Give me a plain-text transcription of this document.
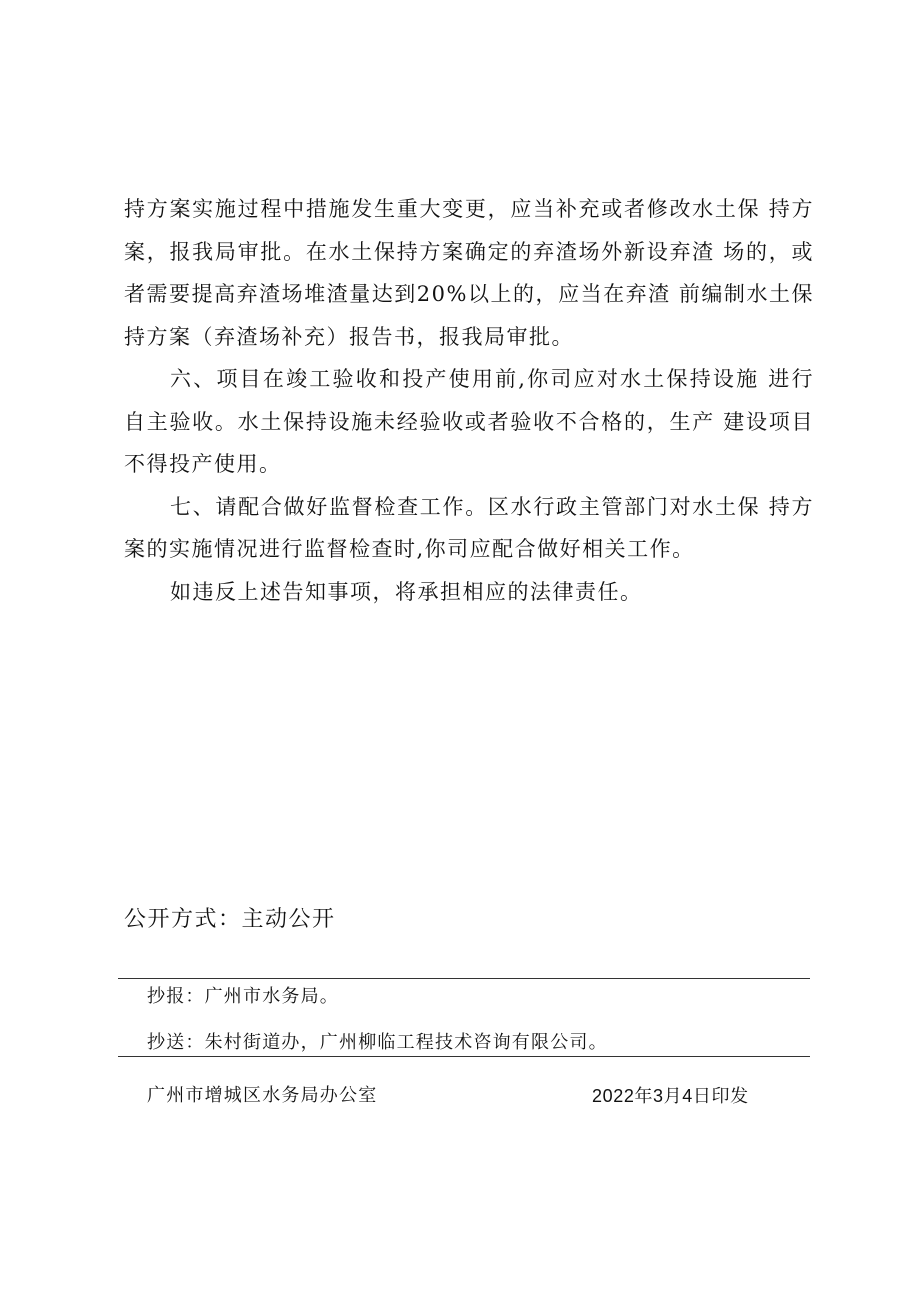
持方案实施过程中措施发生重大变更，应当补充或者修改水土保 持方案，报我局审批。在水土保持方案确定的弃渣场外新设弃渣 场的，或者需要提高弃渣场堆渣量达到20%以上的，应当在弃渣 前编制水土保持方案（弃渣场补充）报告书，报我局审批。

六、项目在竣工验收和投产使用前,你司应对水土保持设施 进行自主验收。水土保持设施未经验收或者验收不合格的，生产 建设项目不得投产使用。

七、请配合做好监督检查工作。区水行政主管部门对水土保 持方案的实施情况进行监督检查时,你司应配合做好相关工作。

如违反上述告知事项，将承担相应的法律责任。

公开方式：主动公开
抄报：广州市水务局。
抄送：朱村街道办，广州柳临工程技术咨询有限公司。
广州市增城区水务局办公室	2022年3月4日印发
